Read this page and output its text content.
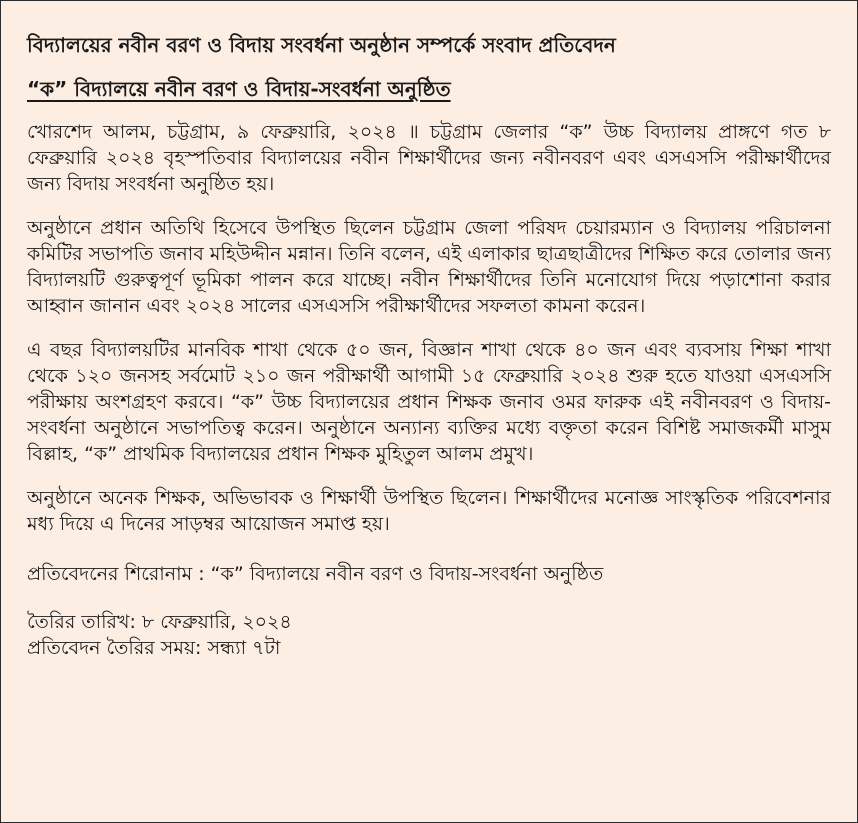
বিদ্যালয়ের নবীন বরণ ও বিদায় সংবর্ধনা অনুষ্ঠান সম্পর্কে সংবাদ প্রতিবেদন
“ক” বিদ্যালয়ে নবীন বরণ ও বিদায়-সংবর্ধনা অনুষ্ঠিত

খোরশেদ আলম, চট্টগ্রাম, ৯ ফেব্রুয়ারি, ২০২৪ ॥ চট্টগ্রাম জেলার “ক” উচ্চ বিদ্যালয় প্রাঙ্গণে গত ৮ ফেব্রুয়ারি ২০২৪ বৃহস্পতিবার বিদ্যালয়ের নবীন শিক্ষার্থীদের জন্য নবীনবরণ এবং এসএসসি পরীক্ষার্থীদের জন্য বিদায় সংবর্ধনা অনুষ্ঠিত হয়।

অনুষ্ঠানে প্রধান অতিথি হিসেবে উপস্থিত ছিলেন চট্টগ্রাম জেলা পরিষদ চেয়ারম্যান ও বিদ্যালয় পরিচালনা কমিটির সভাপতি জনাব মহিউদ্দীন মন্নান। তিনি বলেন, এই এলাকার ছাত্রছাত্রীদের শিক্ষিত করে তোলার জন্য বিদ্যালয়টি গুরুত্বপূর্ণ ভূমিকা পালন করে যাচ্ছে। নবীন শিক্ষার্থীদের তিনি মনোযোগ দিয়ে পড়াশোনা করার আহ্বান জানান এবং ২০২৪ সালের এসএসসি পরীক্ষার্থীদের সফলতা কামনা করেন।

এ বছর বিদ্যালয়টির মানবিক শাখা থেকে ৫০ জন, বিজ্ঞান শাখা থেকে ৪০ জন এবং ব্যবসায় শিক্ষা শাখা থেকে ১২০ জনসহ সর্বমোট ২১০ জন পরীক্ষার্থী আগামী ১৫ ফেব্রুয়ারি ২০২৪ শুরু হতে যাওয়া এসএসসি পরীক্ষায় অংশগ্রহণ করবে। “ক” উচ্চ বিদ্যালয়ের প্রধান শিক্ষক জনাব ওমর ফারুক এই নবীনবরণ ও বিদায়-সংবর্ধনা অনুষ্ঠানে সভাপতিত্ব করেন। অনুষ্ঠানে অন্যান্য ব্যক্তির মধ্যে বক্তৃতা করেন বিশিষ্ট সমাজকর্মী মাসুম বিল্লাহ, “ক” প্রাথমিক বিদ্যালয়ের প্রধান শিক্ষক মুহিতুল আলম প্রমুখ।

অনুষ্ঠানে অনেক শিক্ষক, অভিভাবক ও শিক্ষার্থী উপস্থিত ছিলেন। শিক্ষার্থীদের মনোজ্ঞ সাংস্কৃতিক পরিবেশনার মধ্য দিয়ে এ দিনের সাড়ম্বর আয়োজন সমাপ্ত হয়।

প্রতিবেদনের শিরোনাম : “ক” বিদ্যালয়ে নবীন বরণ ও বিদায়-সংবর্ধনা অনুষ্ঠিত
তৈরির তারিখ: ৮ ফেব্রুয়ারি, ২০২৪
প্রতিবেদন তৈরির সময়: সন্ধ্যা ৭টা
